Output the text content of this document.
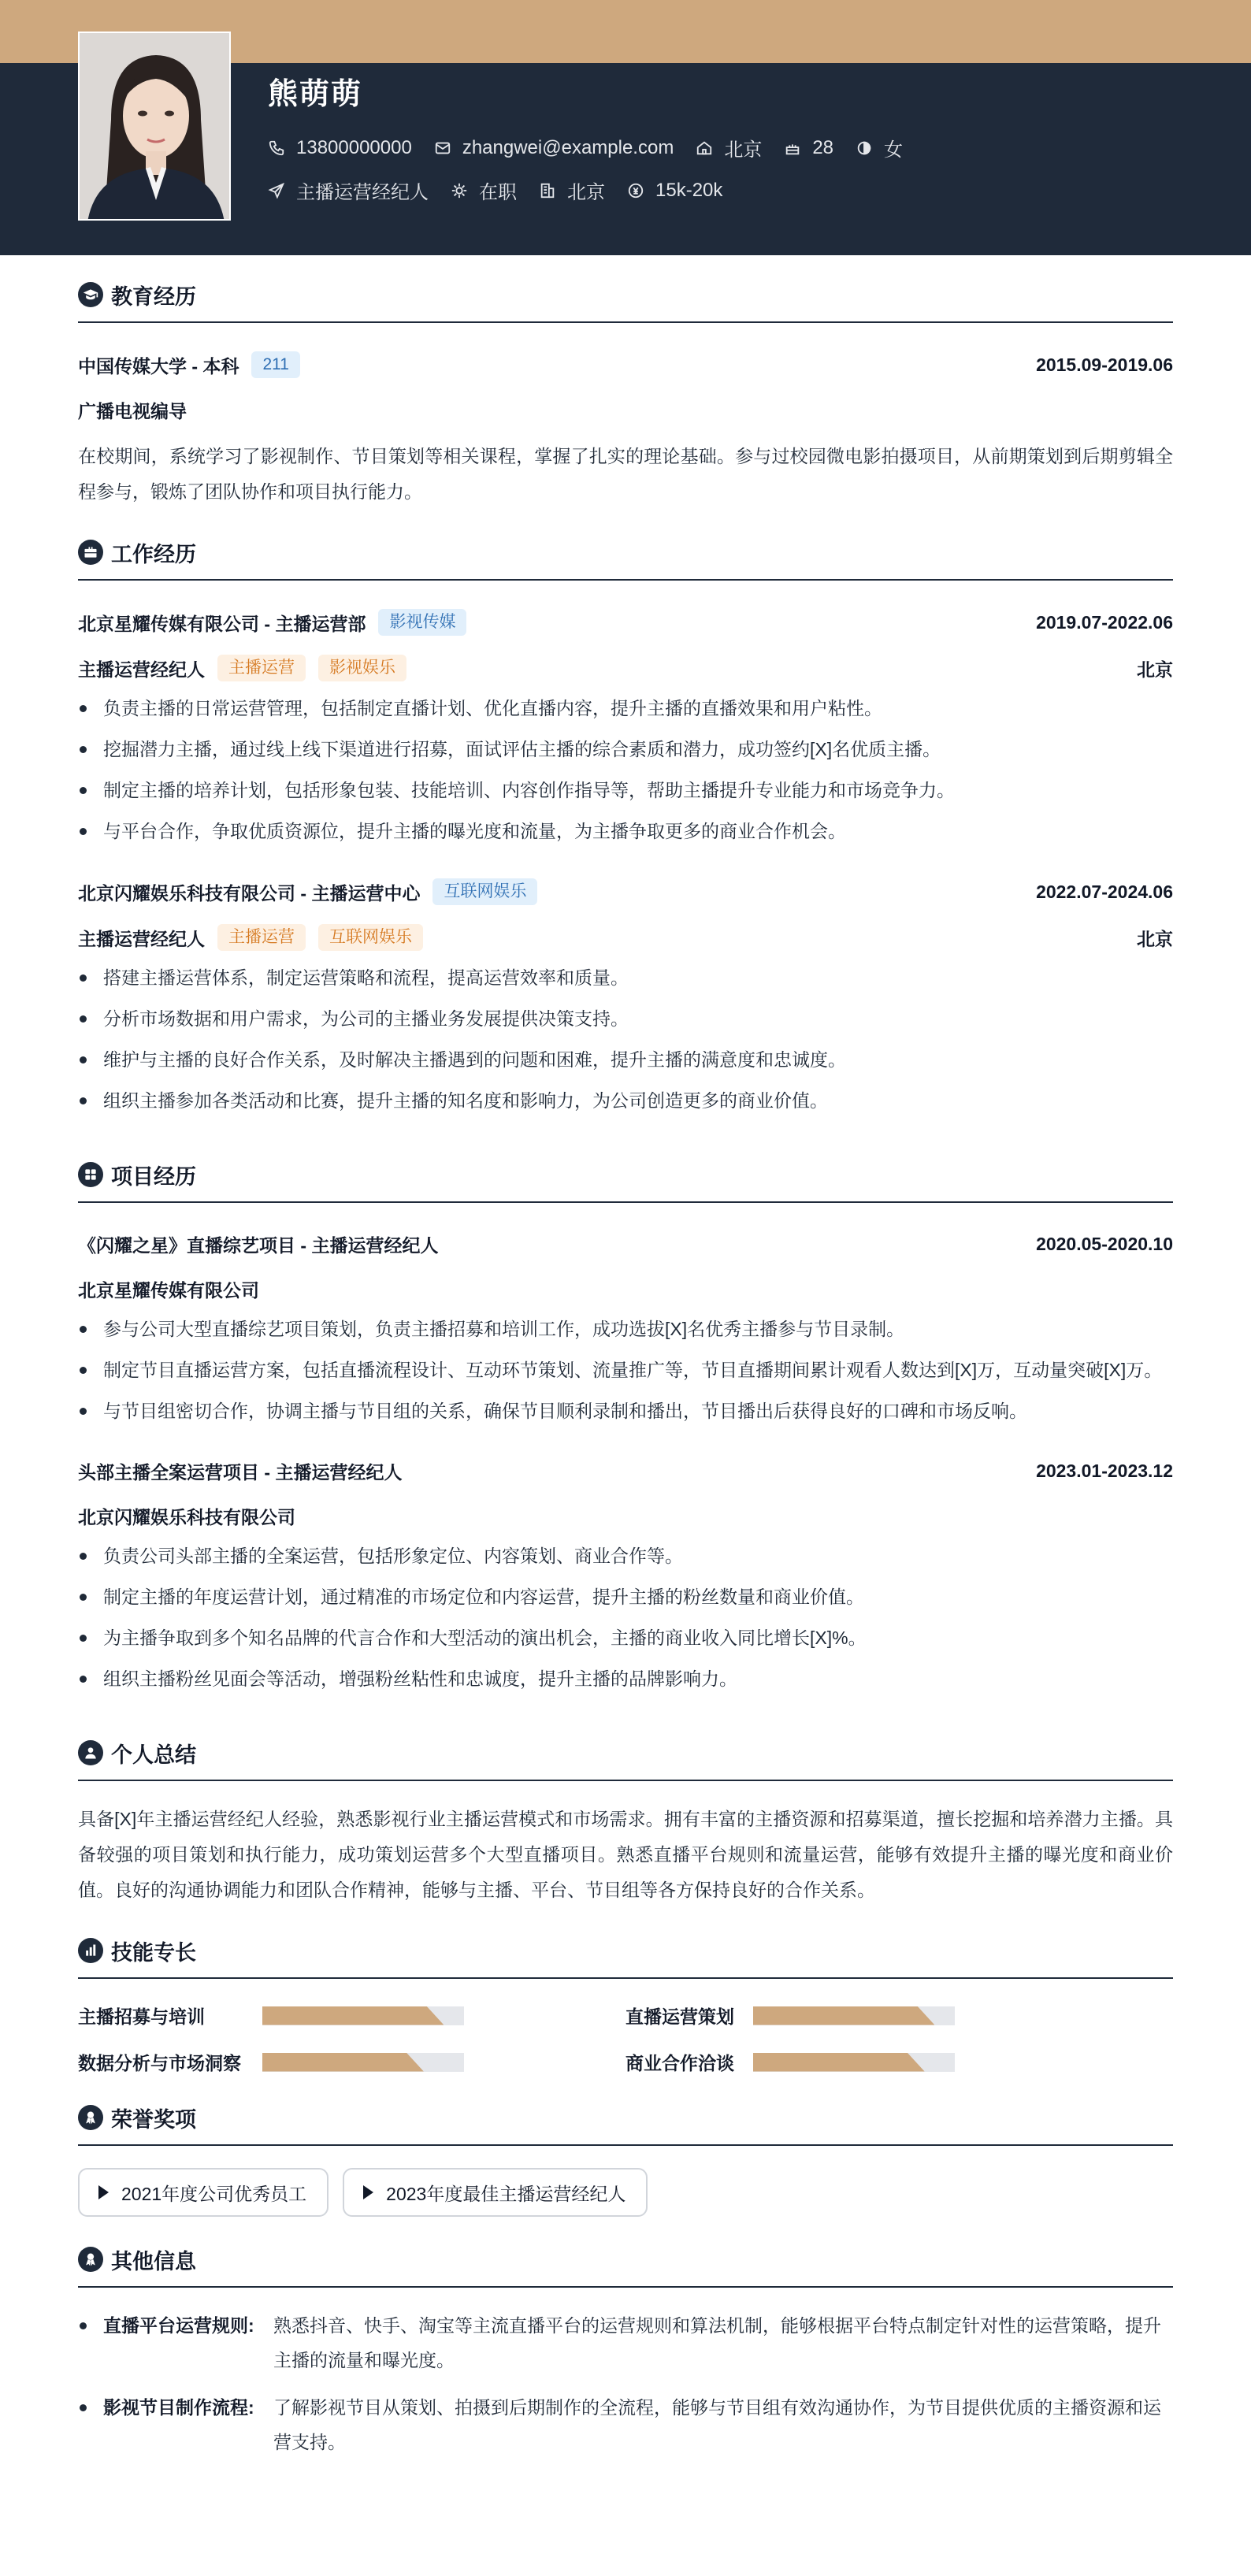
熊萌萌
13800000000	zhangwei@example.com	北京	28	女
主播运营经纪人	在职	北京	15k-20k
教育经历
中国传媒大学 - 本科	211	2015.09-2019.06
广播电视编导
在校期间，系统学习了影视制作、节目策划等相关课程，掌握了扎实的理论基础。参与过校园微电影拍摄项目，从前期策划到后期剪辑全程参与，锻炼了团队协作和项目执行能力。
工作经历
北京星耀传媒有限公司 - 主播运营部	影视传媒	2019.07-2022.06
主播运营经纪人	主播运营	影视娱乐	北京
负责主播的日常运营管理，包括制定直播计划、优化直播内容，提升主播的直播效果和用户粘性。
挖掘潜力主播，通过线上线下渠道进行招募，面试评估主播的综合素质和潜力，成功签约[X]名优质主播。
制定主播的培养计划，包括形象包装、技能培训、内容创作指导等，帮助主播提升专业能力和市场竞争力。
与平台合作，争取优质资源位，提升主播的曝光度和流量，为主播争取更多的商业合作机会。
北京闪耀娱乐科技有限公司 - 主播运营中心	互联网娱乐	2022.07-2024.06
主播运营经纪人	主播运营	互联网娱乐	北京
搭建主播运营体系，制定运营策略和流程，提高运营效率和质量。
分析市场数据和用户需求，为公司的主播业务发展提供决策支持。
维护与主播的良好合作关系，及时解决主播遇到的问题和困难，提升主播的满意度和忠诚度。
组织主播参加各类活动和比赛，提升主播的知名度和影响力，为公司创造更多的商业价值。
项目经历
《闪耀之星》直播综艺项目 - 主播运营经纪人	2020.05-2020.10
北京星耀传媒有限公司
参与公司大型直播综艺项目策划，负责主播招募和培训工作，成功选拔[X]名优秀主播参与节目录制。
制定节目直播运营方案，包括直播流程设计、互动环节策划、流量推广等，节目直播期间累计观看人数达到[X]万，互动量突破[X]万。
与节目组密切合作，协调主播与节目组的关系，确保节目顺利录制和播出，节目播出后获得良好的口碑和市场反响。
头部主播全案运营项目 - 主播运营经纪人	2023.01-2023.12
北京闪耀娱乐科技有限公司
负责公司头部主播的全案运营，包括形象定位、内容策划、商业合作等。
制定主播的年度运营计划，通过精准的市场定位和内容运营，提升主播的粉丝数量和商业价值。
为主播争取到多个知名品牌的代言合作和大型活动的演出机会，主播的商业收入同比增长[X]%。
组织主播粉丝见面会等活动，增强粉丝粘性和忠诚度，提升主播的品牌影响力。
个人总结
具备[X]年主播运营经纪人经验，熟悉影视行业主播运营模式和市场需求。拥有丰富的主播资源和招募渠道，擅长挖掘和培养潜力主播。具备较强的项目策划和执行能力，成功策划运营多个大型直播项目。熟悉直播平台规则和流量运营，能够有效提升主播的曝光度和商业价值。良好的沟通协调能力和团队合作精神，能够与主播、平台、节目组等各方保持良好的合作关系。
技能专长
主播招募与培训	直播运营策划
数据分析与市场洞察	商业合作洽谈
荣誉奖项
2021年度公司优秀员工	2023年度最佳主播运营经纪人
其他信息
直播平台运营规则:	熟悉抖音、快手、淘宝等主流直播平台的运营规则和算法机制，能够根据平台特点制定针对性的运营策略，提升主播的流量和曝光度。
影视节目制作流程:	了解影视节目从策划、拍摄到后期制作的全流程，能够与节目组有效沟通协作，为节目提供优质的主播资源和运营支持。
